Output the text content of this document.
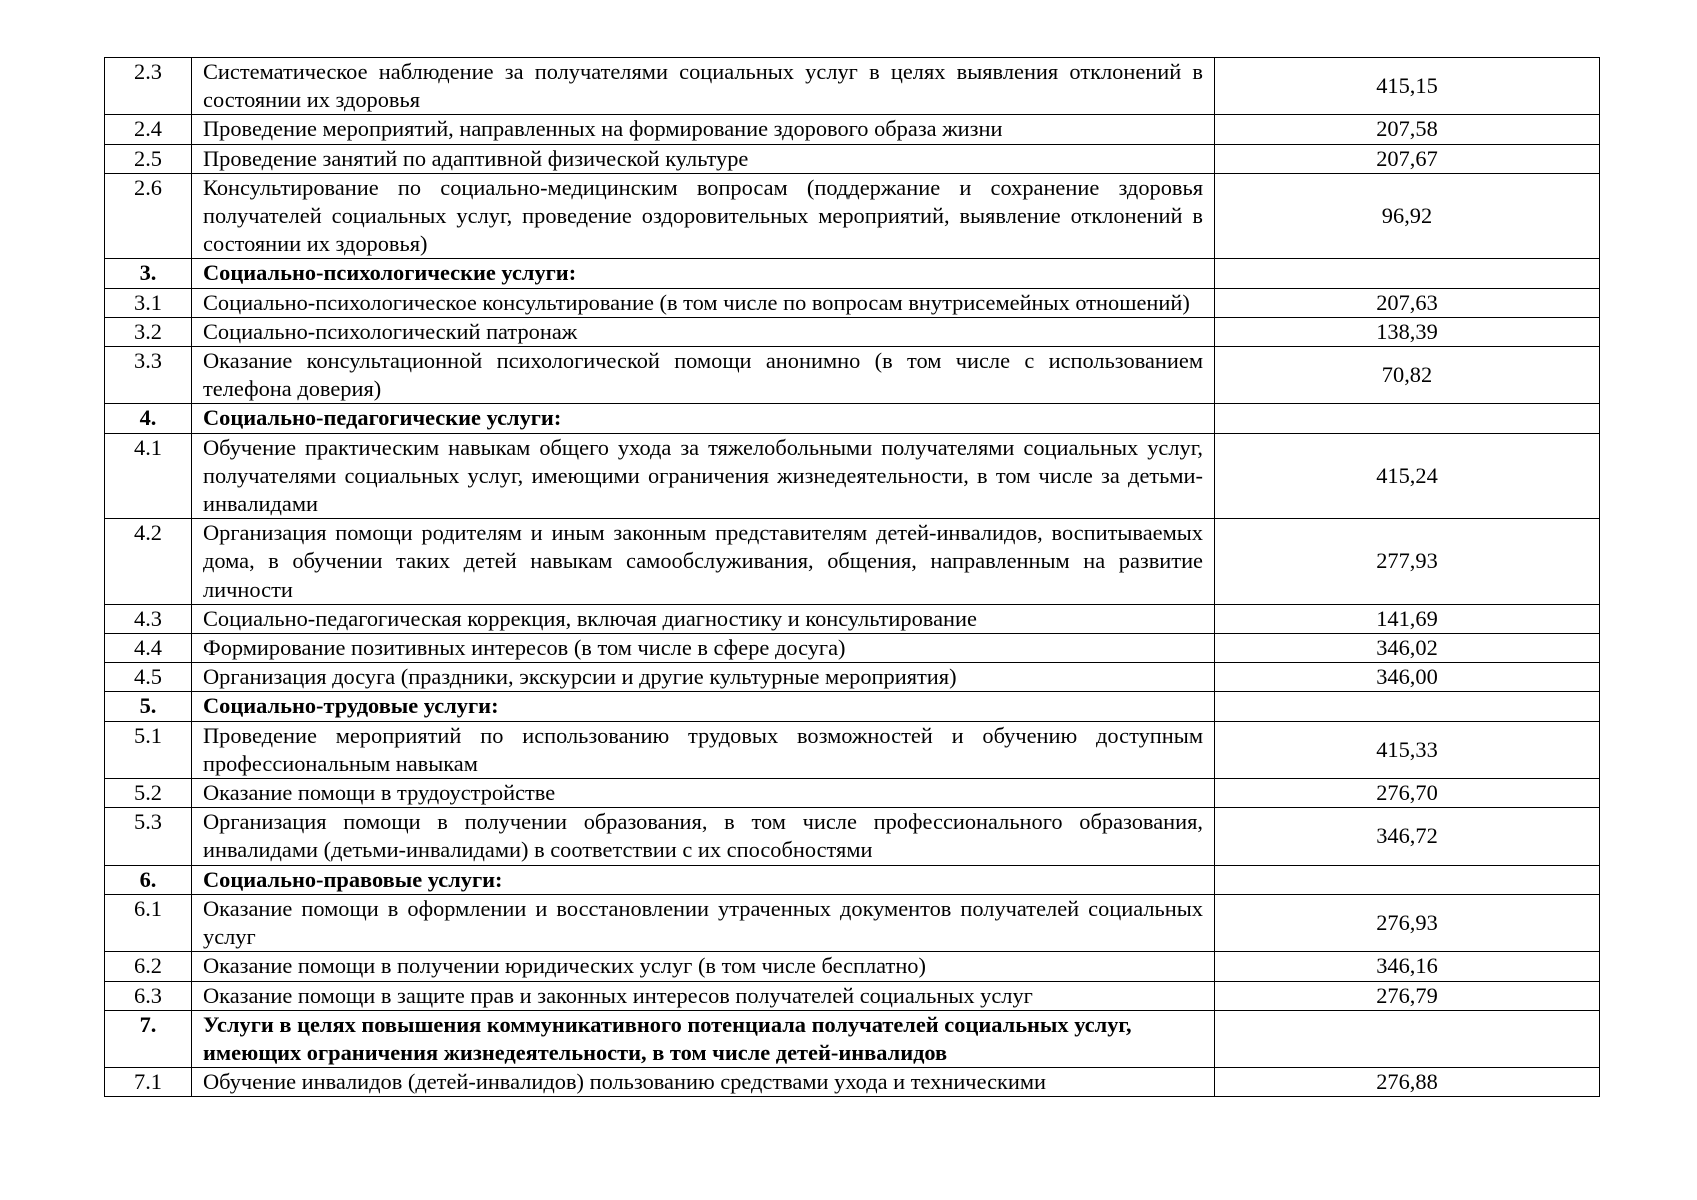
2.3	Систематическое наблюдение за получателями социальных услуг в целях выявления отклонений в состоянии их здоровья	415,15
2.4	Проведение мероприятий, направленных на формирование здорового образа жизни	207,58
2.5	Проведение занятий по адаптивной физической культуре	207,67
2.6	Консультирование по социально-медицинским вопросам (поддержание и сохранение здоровья получателей социальных услуг, проведение оздоровительных мероприятий, выявление отклонений в состоянии их здоровья)	96,92
3.	Социально-психологические услуги:	
3.1	Социально-психологическое консультирование (в том числе по вопросам внутрисемейных отношений)	207,63
3.2	Социально-психологический патронаж	138,39
3.3	Оказание консультационной психологической помощи анонимно (в том числе с использованием телефона доверия)	70,82
4.	Социально-педагогические услуги:	
4.1	Обучение практическим навыкам общего ухода за тяжелобольными получателями социальных услуг, получателями социальных услуг, имеющими ограничения жизнедеятельности, в том числе за детьми-инвалидами	415,24
4.2	Организация помощи родителям и иным законным представителям детей-инвалидов, воспитываемых дома, в обучении таких детей навыкам самообслуживания, общения, направленным на развитие личности	277,93
4.3	Социально-педагогическая коррекция, включая диагностику и консультирование	141,69
4.4	Формирование позитивных интересов (в том числе в сфере досуга)	346,02
4.5	Организация досуга (праздники, экскурсии и другие культурные мероприятия)	346,00
5.	Социально-трудовые услуги:	
5.1	Проведение мероприятий по использованию трудовых возможностей и обучению доступным профессиональным навыкам	415,33
5.2	Оказание помощи в трудоустройстве	276,70
5.3	Организация помощи в получении образования, в том числе профессионального образования, инвалидами (детьми-инвалидами) в соответствии с их способностями	346,72
6.	Социально-правовые услуги:	
6.1	Оказание помощи в оформлении и восстановлении утраченных документов получателей социальных услуг	276,93
6.2	Оказание помощи в получении юридических услуг (в том числе бесплатно)	346,16
6.3	Оказание помощи в защите прав и законных интересов получателей социальных услуг	276,79
7.	Услуги в целях повышения коммуникативного потенциала получателей социальных услуг, имеющих ограничения жизнедеятельности, в том числе детей-инвалидов	
7.1	Обучение инвалидов (детей-инвалидов) пользованию средствами ухода и техническими	276,88
